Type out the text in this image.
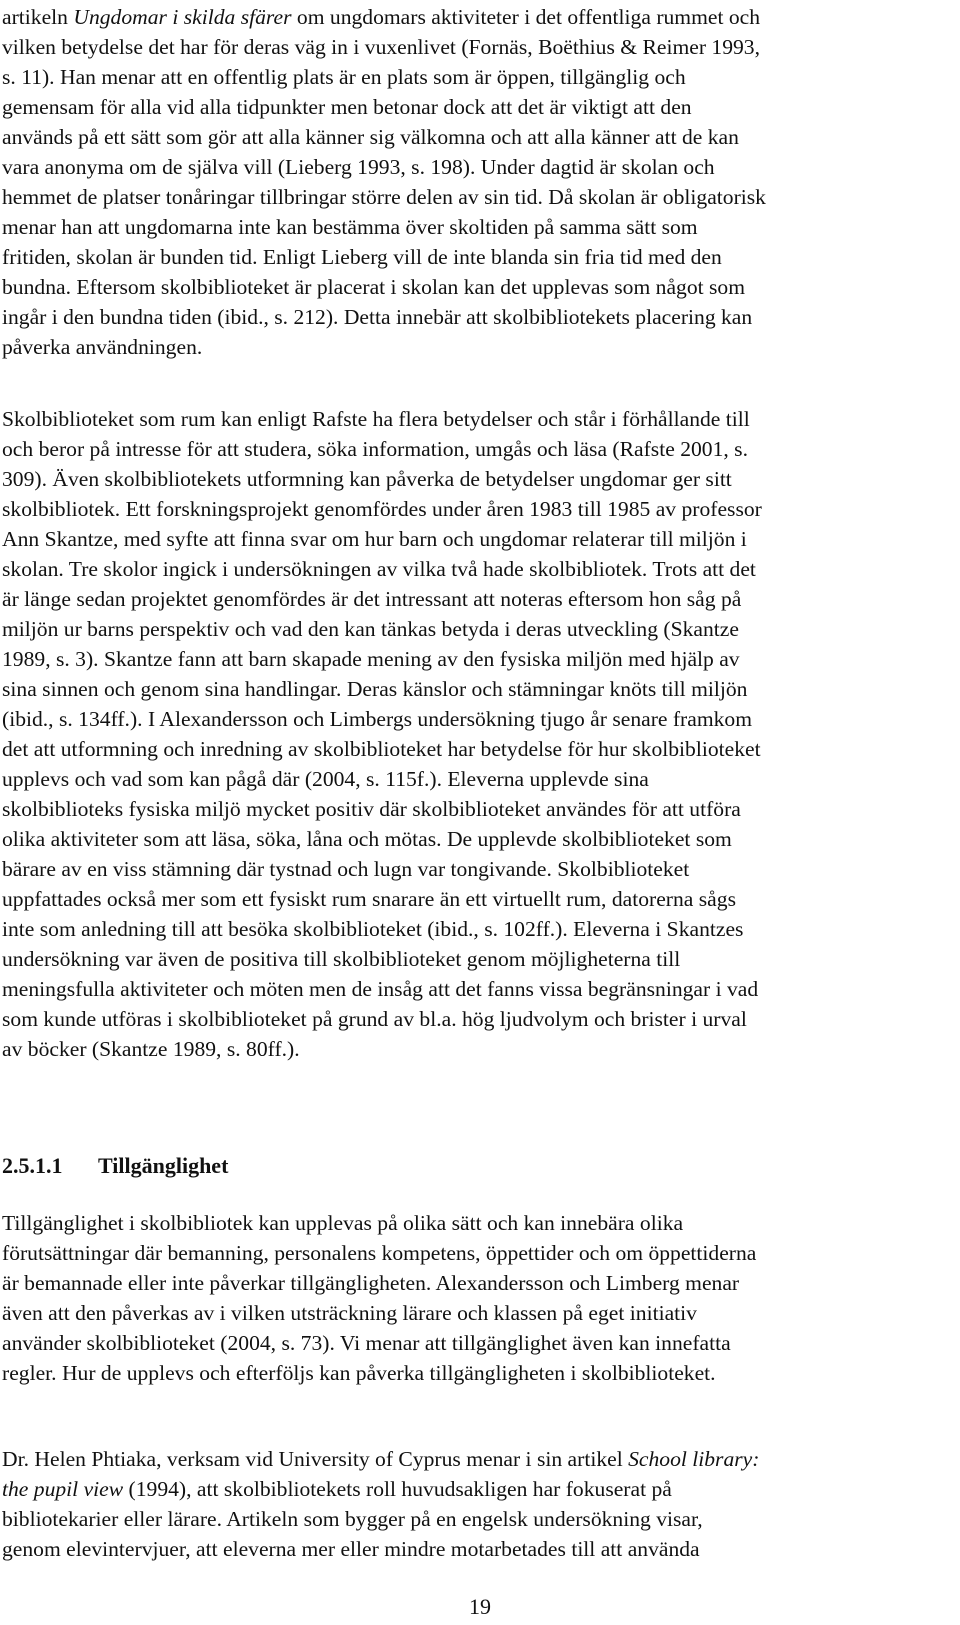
artikeln Ungdomar i skilda sfärer om ungdomars aktiviteter i det offentliga rummet och
vilken betydelse det har för deras väg in i vuxenlivet (Fornäs, Boëthius & Reimer 1993,
s. 11). Han menar att en offentlig plats är en plats som är öppen, tillgänglig och
gemensam för alla vid alla tidpunkter men betonar dock att det är viktigt att den
används på ett sätt som gör att alla känner sig välkomna och att alla känner att de kan
vara anonyma om de själva vill (Lieberg 1993, s. 198). Under dagtid är skolan och
hemmet de platser tonåringar tillbringar större delen av sin tid. Då skolan är obligatorisk
menar han att ungdomarna inte kan bestämma över skoltiden på samma sätt som
fritiden, skolan är bunden tid. Enligt Lieberg vill de inte blanda sin fria tid med den
bundna. Eftersom skolbiblioteket är placerat i skolan kan det upplevas som något som
ingår i den bundna tiden (ibid., s. 212). Detta innebär att skolbibliotekets placering kan
påverka användningen.
Skolbiblioteket som rum kan enligt Rafste ha flera betydelser och står i förhållande till
och beror på intresse för att studera, söka information, umgås och läsa (Rafste 2001, s.
309). Även skolbibliotekets utformning kan påverka de betydelser ungdomar ger sitt
skolbibliotek. Ett forskningsprojekt genomfördes under åren 1983 till 1985 av professor
Ann Skantze, med syfte att finna svar om hur barn och ungdomar relaterar till miljön i
skolan. Tre skolor ingick i undersökningen av vilka två hade skolbibliotek. Trots att det
är länge sedan projektet genomfördes är det intressant att noteras eftersom hon såg på
miljön ur barns perspektiv och vad den kan tänkas betyda i deras utveckling (Skantze
1989, s. 3). Skantze fann att barn skapade mening av den fysiska miljön med hjälp av
sina sinnen och genom sina handlingar. Deras känslor och stämningar knöts till miljön
(ibid., s. 134ff.). I Alexandersson och Limbergs undersökning tjugo år senare framkom
det att utformning och inredning av skolbiblioteket har betydelse för hur skolbiblioteket
upplevs och vad som kan pågå där (2004, s. 115f.). Eleverna upplevde sina
skolbiblioteks fysiska miljö mycket positiv där skolbiblioteket användes för att utföra
olika aktiviteter som att läsa, söka, låna och mötas. De upplevde skolbiblioteket som
bärare av en viss stämning där tystnad och lugn var tongivande. Skolbiblioteket
uppfattades också mer som ett fysiskt rum snarare än ett virtuellt rum, datorerna sågs
inte som anledning till att besöka skolbiblioteket (ibid., s. 102ff.). Eleverna i Skantzes
undersökning var även de positiva till skolbiblioteket genom möjligheterna till
meningsfulla aktiviteter och möten men de insåg att det fanns vissa begränsningar i vad
som kunde utföras i skolbiblioteket på grund av bl.a. hög ljudvolym och brister i urval
av böcker (Skantze 1989, s. 80ff.).
2.5.1.1 Tillgänglighet
Tillgänglighet i skolbibliotek kan upplevas på olika sätt och kan innebära olika
förutsättningar där bemanning, personalens kompetens, öppettider och om öppettiderna
är bemannade eller inte påverkar tillgängligheten. Alexandersson och Limberg menar
även att den påverkas av i vilken utsträckning lärare och klassen på eget initiativ
använder skolbiblioteket (2004, s. 73). Vi menar att tillgänglighet även kan innefatta
regler. Hur de upplevs och efterföljs kan påverka tillgängligheten i skolbiblioteket.
Dr. Helen Phtiaka, verksam vid University of Cyprus menar i sin artikel School library:
the pupil view (1994), att skolbibliotekets roll huvudsakligen har fokuserat på
bibliotekarier eller lärare. Artikeln som bygger på en engelsk undersökning visar,
genom elevintervjuer, att eleverna mer eller mindre motarbetades till att använda
19
